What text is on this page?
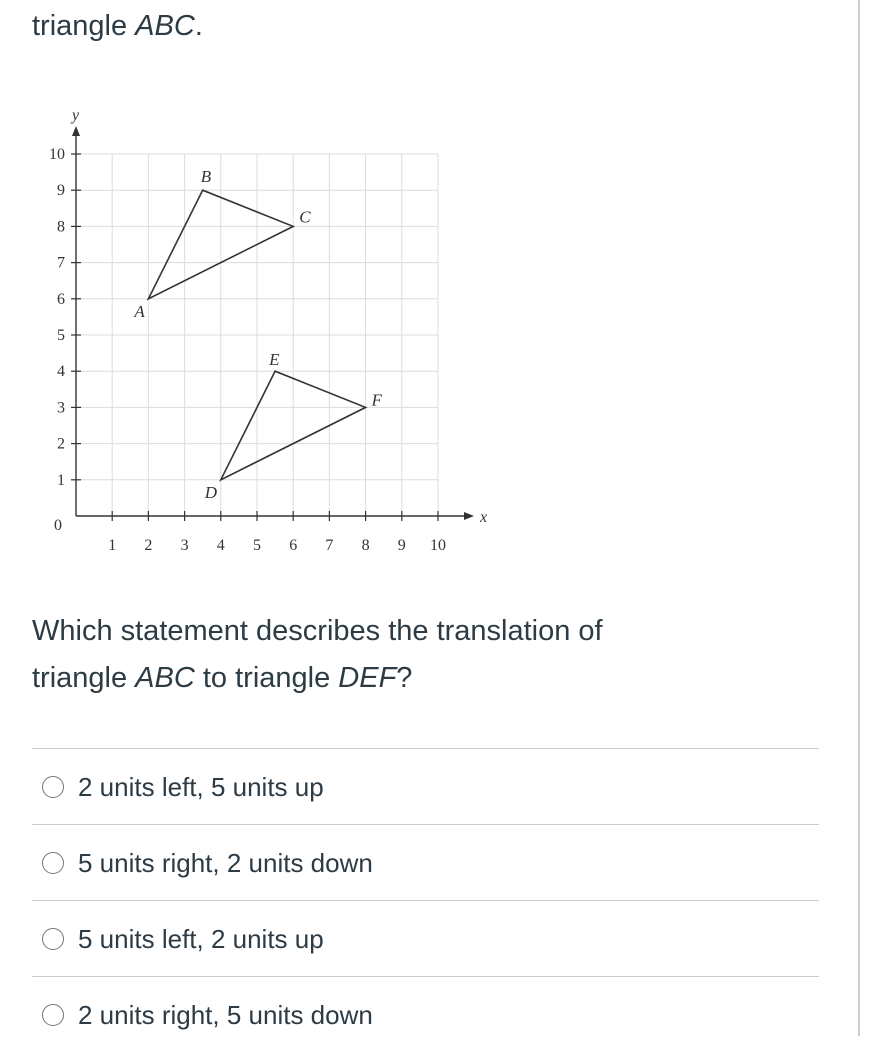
triangle ABC.
x
y
0
1 2 3 4 5 6 7 8 9 10
1
2
3
4
5
6
7
8
9
10
A
B
C
D
E
F
Which statement describes the translation of
triangle ABC to triangle DEF?
2 units left, 5 units up
5 units right, 2 units down
5 units left, 2 units up
2 units right, 5 units down
